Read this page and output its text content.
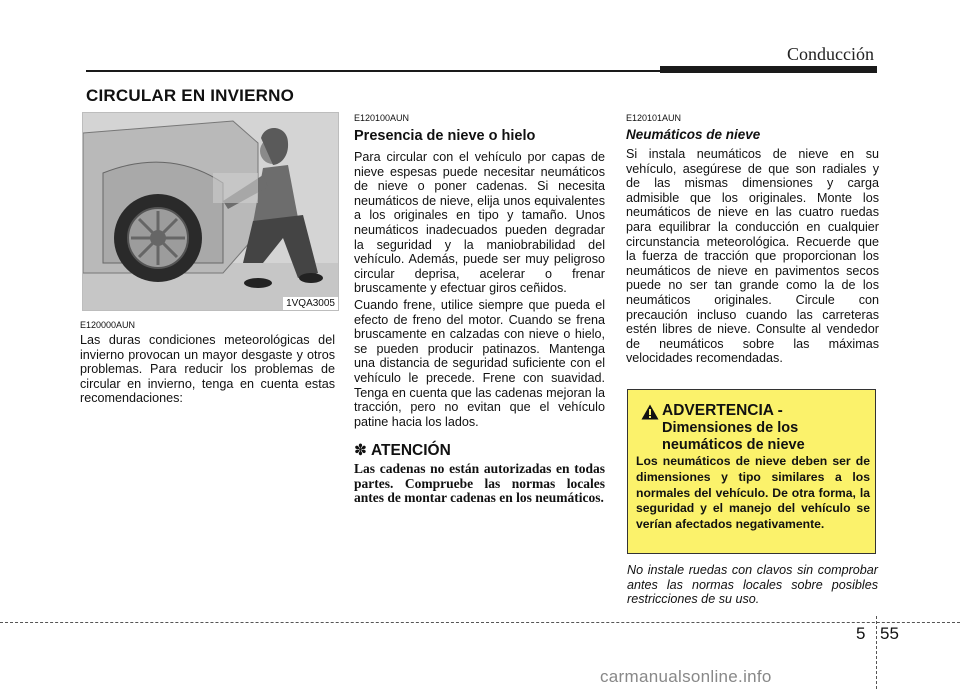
Conducción
CIRCULAR EN INVIERNO
1VQA3005

E120000AUN

Las duras condiciones meteorológicas del invierno provocan un mayor desgaste y otros problemas. Para reducir los problemas de circular en invierno, tenga en cuenta estas recomendaciones:

E120100AUN

Presencia de nieve o hielo

Para circular con el vehículo por capas de nieve espesas puede necesitar neumáticos de nieve o poner cadenas. Si necesita neumáticos de nieve, elija unos equivalentes a los originales en tipo y tamaño. Unos neumáticos inadecuados pueden degradar la seguridad y la maniobrabilidad del vehículo. Además, puede ser muy peligroso circular deprisa, acelerar o frenar bruscamente y efectuar giros ceñidos.

Cuando frene, utilice siempre que pueda el efecto de freno del motor. Cuando se frena bruscamente en calzadas con nieve o hielo, se pueden producir patinazos. Mantenga una distancia de seguridad suficiente con el vehículo le precede. Frene con suavidad. Tenga en cuenta que las cadenas mejoran la tracción, pero no evitan que el vehículo patine hacia los lados.

✽ ATENCIÓN

Las cadenas no están autorizadas en todas partes. Compruebe las normas locales antes de montar cadenas en los neumáticos.

E120101AUN

Neumáticos de nieve

Si instala neumáticos de nieve en su vehículo, asegúrese de que son radiales y de las mismas dimensiones y carga admisible que los originales. Monte los neumáticos de nieve en las cuatro ruedas para equilibrar la conducción en cualquier circunstancia meteorológica. Recuerde que la fuerza de tracción que proporcionan los neumáticos de nieve en pavimentos secos puede no ser tan grande como la de los neumáticos originales. Circule con precaución incluso cuando las carreteras estén libres de nieve. Consulte al vendedor de neumáticos sobre las máximas velocidades recomendadas.

ADVERTENCIA -
Dimensiones de los
neumáticos de nieve

Los neumáticos de nieve deben ser de dimensiones y tipo similares a los normales del vehículo. De otra forma, la seguridad y el manejo del vehículo se verían afectados negativamente.

No instale ruedas con clavos sin comprobar antes las normas locales sobre posibles restricciones de su uso.

5 55
carmanualsonline.info
